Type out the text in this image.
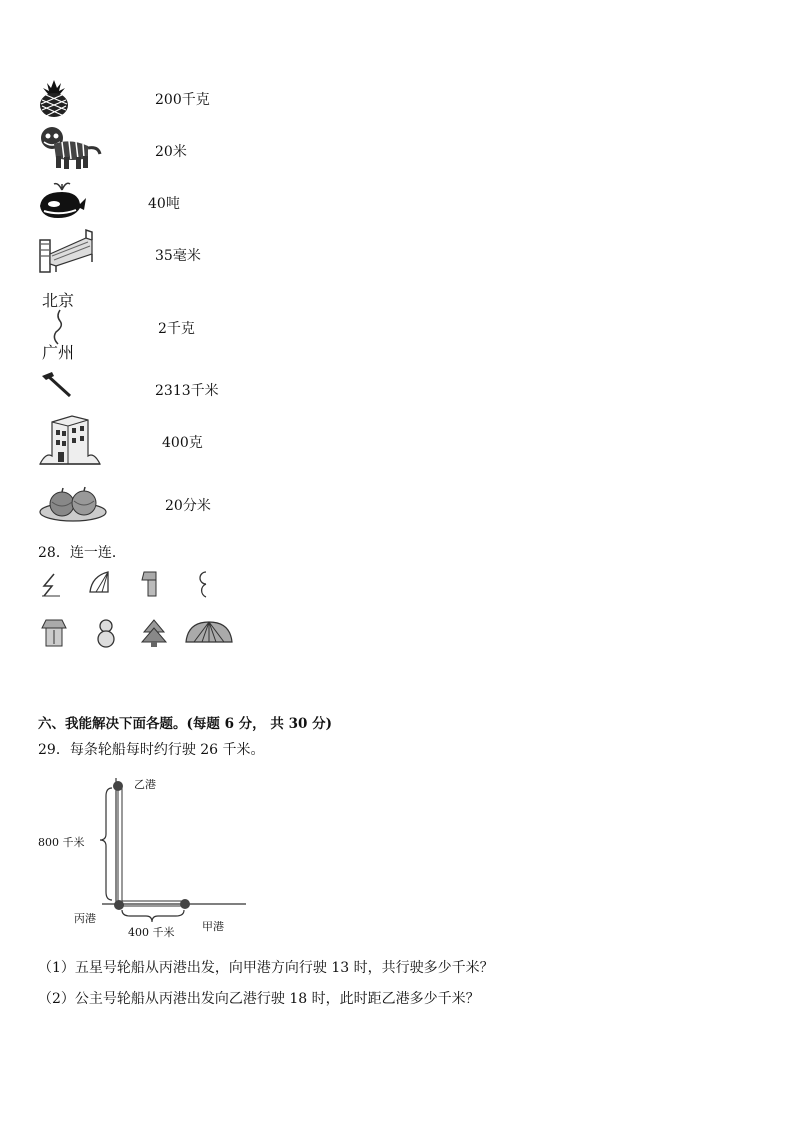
200千克
20米
40吨
35毫米
北京
广州
2千克
2313千米
400克
20分米
28．连一连．
六、我能解决下面各题。(每题 6 分， 共 30 分)
29．每条轮船每时约行驶 26 千米。
乙港
800 千米
丙港
400 千米	甲港
（1）五星号轮船从丙港出发，向甲港方向行驶 13 时，共行驶多少千米？
（2）公主号轮船从丙港出发向乙港行驶 18 时，此时距乙港多少千米？
